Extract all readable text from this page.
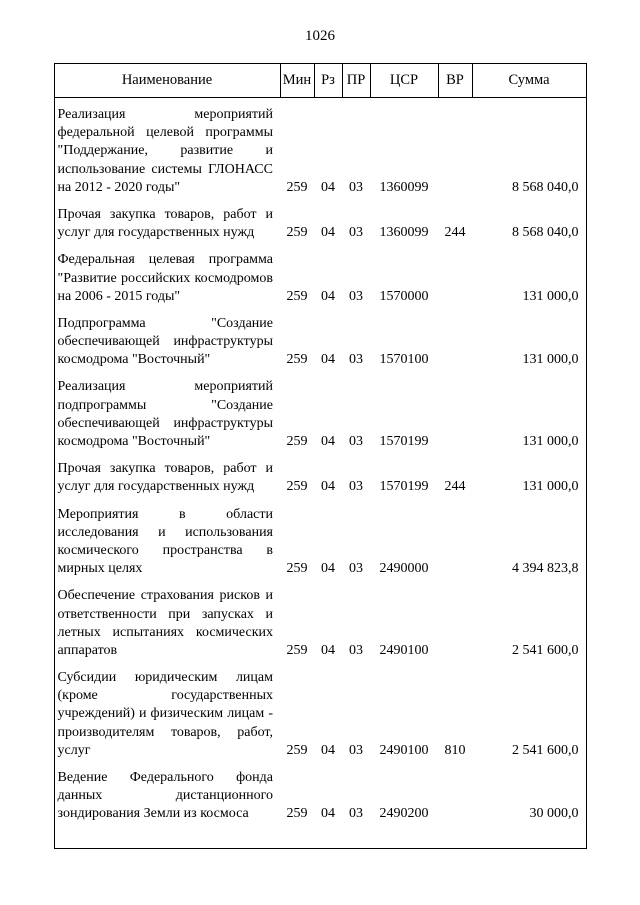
1026
Наименование	Мин	Рз	ПР	ЦСР	ВР	Сумма
Реализация мероприятий федеральной целевой программы "Поддержание, развитие и использование системы ГЛОНАСС на 2012 - 2020 годы"	259	04	03	1360099		8 568 040,0
Прочая закупка товаров, работ и услуг для государственных нужд	259	04	03	1360099	244	8 568 040,0
Федеральная целевая программа "Развитие российских космодромов на 2006 - 2015 годы"	259	04	03	1570000		131 000,0
Подпрограмма "Создание обеспечивающей инфраструктуры космодрома "Восточный"	259	04	03	1570100		131 000,0
Реализация мероприятий подпрограммы "Создание обеспечивающей инфраструктуры космодрома "Восточный"	259	04	03	1570199		131 000,0
Прочая закупка товаров, работ и услуг для государственных нужд	259	04	03	1570199	244	131 000,0
Мероприятия в области исследования и использования космического пространства в мирных целях	259	04	03	2490000		4 394 823,8
Обеспечение страхования рисков и ответственности при запусках и летных испытаниях космических аппаратов	259	04	03	2490100		2 541 600,0
Субсидии юридическим лицам (кроме государственных учреждений) и физическим лицам - производителям товаров, работ, услуг	259	04	03	2490100	810	2 541 600,0
Ведение Федерального фонда данных дистанционного зондирования Земли из космоса	259	04	03	2490200		30 000,0
